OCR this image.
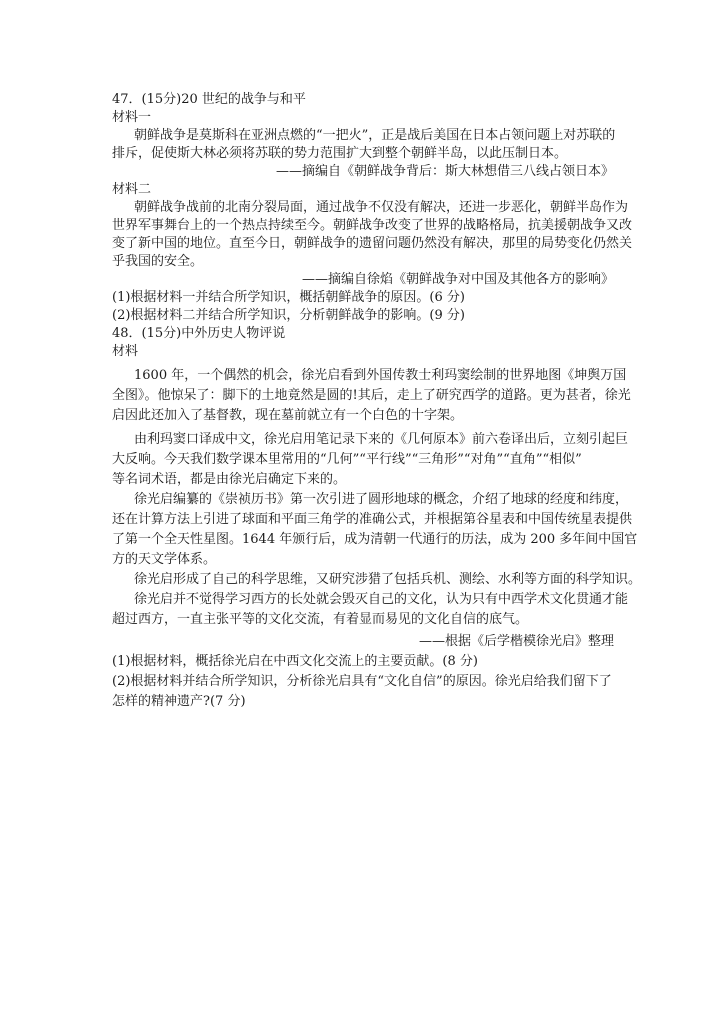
47．(15分)20 世纪的战争与和平
材料一
朝鲜战争是莫斯科在亚洲点燃的“一把火”，正是战后美国在日本占领问题上对苏联的
排斥，促使斯大林必须将苏联的势力范围扩大到整个朝鲜半岛，以此压制日本。
——摘编自《朝鲜战争背后：斯大林想借三八线占领日本》
材料二
朝鲜战争战前的北南分裂局面，通过战争不仅没有解决，还进一步恶化，朝鲜半岛作为
世界军事舞台上的一个热点持续至今。朝鲜战争改变了世界的战略格局，抗美援朝战争又改
变了新中国的地位。直至今日，朝鲜战争的遗留问题仍然没有解决，那里的局势变化仍然关
乎我国的安全。
——摘编自徐焰《朝鲜战争对中国及其他各方的影响》
(1)根据材料一并结合所学知识，概括朝鲜战争的原因。(6 分)
(2)根据材料二并结合所学知识，分析朝鲜战争的影响。(9 分)
48．(15分)中外历史人物评说
材料
1600 年，一个偶然的机会，徐光启看到外国传教士利玛窦绘制的世界地图《坤舆万国
全图》。他惊呆了：脚下的土地竟然是圆的!其后，走上了研究西学的道路。更为甚者，徐光
启因此还加入了基督教，现在墓前就立有一个白色的十字架。
由利玛窦口译成中文，徐光启用笔记录下来的《几何原本》前六卷译出后，立刻引起巨
大反响。今天我们数学课本里常用的“几何”“平行线”“三角形”“对角”“直角”“相似”
等名词术语，都是由徐光启确定下来的。
徐光启编纂的《崇祯历书》第一次引进了圆形地球的概念，介绍了地球的经度和纬度，
还在计算方法上引进了球面和平面三角学的准确公式，并根据第谷星表和中国传统星表提供
了第一个全天性星图。1644 年颁行后，成为清朝一代通行的历法，成为 200 多年间中国官
方的天文学体系。
徐光启形成了自己的科学思维，又研究涉猎了包括兵机、测绘、水利等方面的科学知识。
徐光启并不觉得学习西方的长处就会毁灭自己的文化，认为只有中西学术文化贯通才能
超过西方，一直主张平等的文化交流，有着显而易见的文化自信的底气。
——根据《后学楷模徐光启》整理
(1)根据材料，概括徐光启在中西文化交流上的主要贡献。(8 分)
(2)根据材料并结合所学知识，分析徐光启具有“文化自信”的原因。徐光启给我们留下了
怎样的精神遗产?(7 分)
